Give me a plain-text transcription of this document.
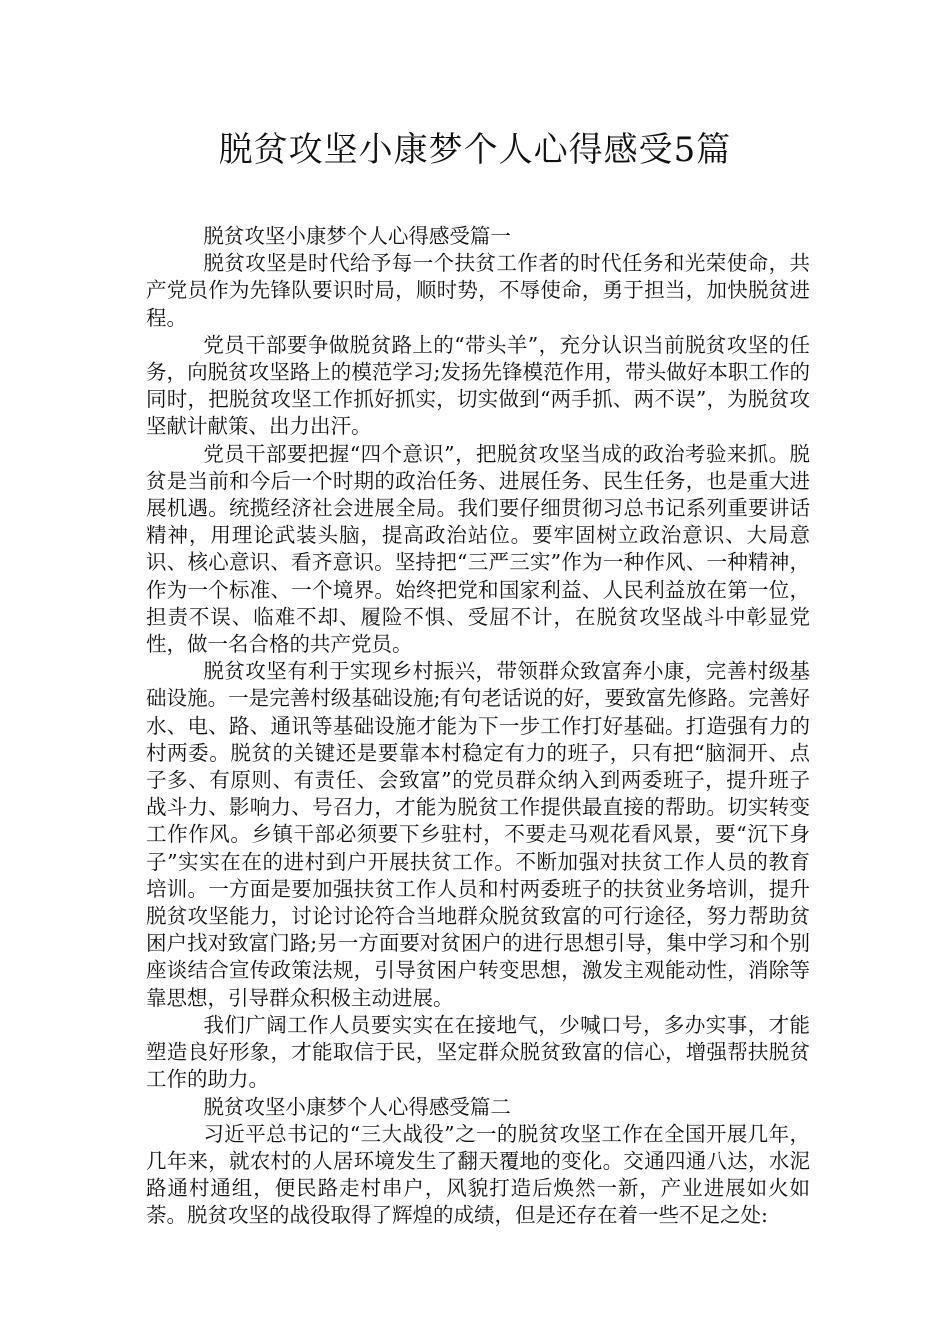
脱贫攻坚小康梦个人心得感受5篇

脱贫攻坚小康梦个人心得感受篇一

脱贫攻坚是时代给予每一个扶贫工作者的时代任务和光荣使命，共产党员作为先锋队要识时局，顺时势，不辱使命，勇于担当，加快脱贫进程。

党员干部要争做脱贫路上的“带头羊”，充分认识当前脱贫攻坚的任务，向脱贫攻坚路上的模范学习;发扬先锋模范作用，带头做好本职工作的同时，把脱贫攻坚工作抓好抓实，切实做到“两手抓、两不误”，为脱贫攻坚献计献策、出力出汗。

党员干部要把握“四个意识”，把脱贫攻坚当成的政治考验来抓。脱贫是当前和今后一个时期的政治任务、进展任务、民生任务，也是重大进展机遇。统揽经济社会进展全局。我们要仔细贯彻习总书记系列重要讲话精神，用理论武装头脑，提高政治站位。要牢固树立政治意识、大局意识、核心意识、看齐意识。坚持把“三严三实”作为一种作风、一种精神，作为一个标准、一个境界。始终把党和国家利益、人民利益放在第一位，担责不误、临难不却、履险不惧、受屈不计，在脱贫攻坚战斗中彰显党性，做一名合格的共产党员。

脱贫攻坚有利于实现乡村振兴，带领群众致富奔小康，完善村级基础设施。一是完善村级基础设施;有句老话说的好，要致富先修路。完善好水、电、路、通讯等基础设施才能为下一步工作打好基础。打造强有力的村两委。脱贫的关键还是要靠本村稳定有力的班子，只有把“脑洞开、点子多、有原则、有责任、会致富”的党员群众纳入到两委班子，提升班子战斗力、影响力、号召力，才能为脱贫工作提供最直接的帮助。切实转变工作作风。乡镇干部必须要下乡驻村，不要走马观花看风景，要“沉下身子”实实在在的进村到户开展扶贫工作。不断加强对扶贫工作人员的教育培训。一方面是要加强扶贫工作人员和村两委班子的扶贫业务培训，提升脱贫攻坚能力，讨论讨论符合当地群众脱贫致富的可行途径，努力帮助贫困户找对致富门路;另一方面要对贫困户的进行思想引导，集中学习和个别座谈结合宣传政策法规，引导贫困户转变思想，激发主观能动性，消除等靠思想，引导群众积极主动进展。

我们广阔工作人员要实实在在接地气，少喊口号，多办实事，才能塑造良好形象，才能取信于民，坚定群众脱贫致富的信心，增强帮扶脱贫工作的助力。

脱贫攻坚小康梦个人心得感受篇二

习近平总书记的“三大战役”之一的脱贫攻坚工作在全国开展几年，几年来，就农村的人居环境发生了翻天覆地的变化。交通四通八达，水泥路通村通组，便民路走村串户，风貌打造后焕然一新，产业进展如火如荼。脱贫攻坚的战役取得了辉煌的成绩，但是还存在着一些不足之处:
